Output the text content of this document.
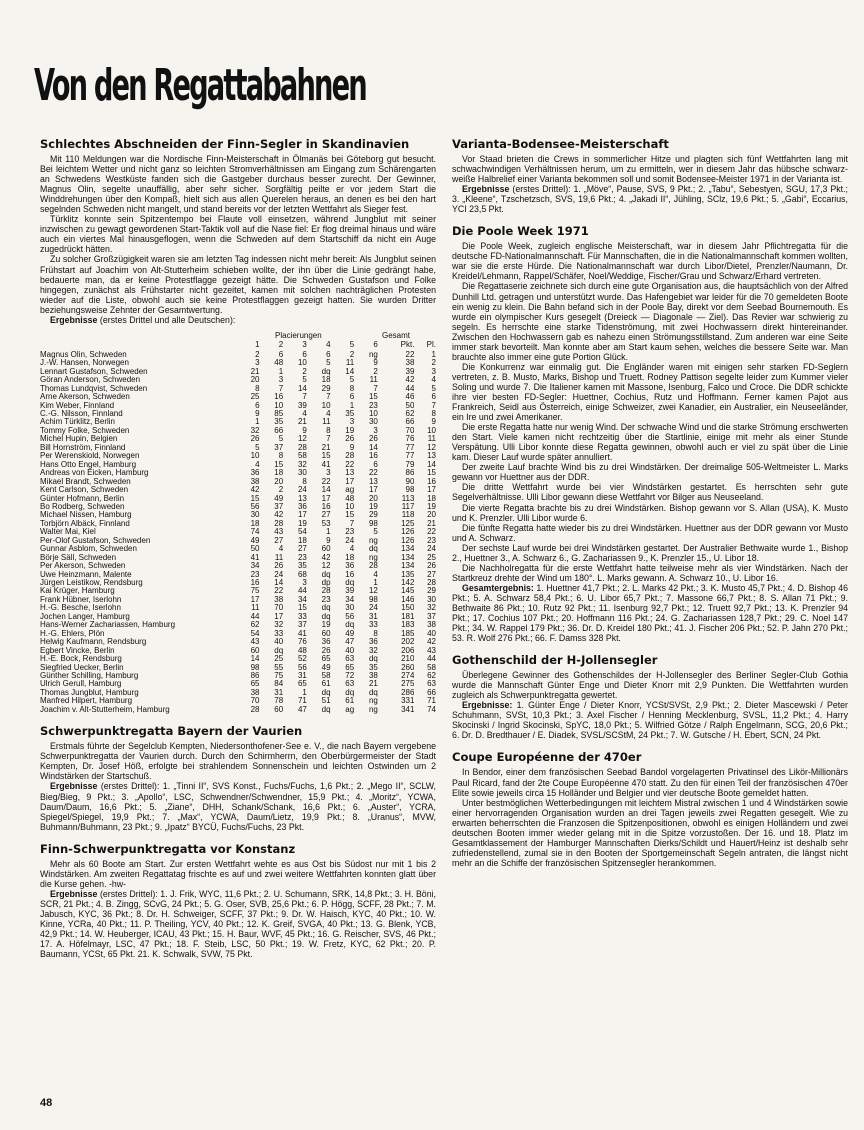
Von den Regattabahnen
Schlechtes Abschneiden der Finn-Segler in Skandinavien

Mit 110 Meldungen war die Nordische Finn-Meisterschaft in Ölmanäs bei Göteborg gut besucht. Bei leichtem Wetter und nicht ganz so leichten Stromverhältnissen am Eingang zum Schärengarten an Schwedens Westküste fanden sich die Gastgeber durchaus besser zurecht. Der Gewinner, Magnus Olin, segelte unauffällig, aber sehr sicher. Sorgfältig peilte er vor jedem Start die Winddrehungen über den Kompaß, hielt sich aus allen Querelen heraus, an denen es bei den hart segelnden Schweden nicht mangelt, und stand bereits vor der letzten Wettfahrt als Sieger fest.

Türklitz konnte sein Spitzentempo bei Flaute voll einsetzen, während Jungblut mit seiner inzwischen zu gewagt gewordenen Start-Taktik voll auf die Nase fiel: Er flog dreimal hinaus und wäre auch ein viertes Mal hinausgeflogen, wenn die Schweden auf dem Startschiff da nicht ein Auge zugedrückt hätten.

Zu solcher Großzügigkeit waren sie am letzten Tag indessen nicht mehr bereit: Als Jungblut seinen Frühstart auf Joachim von Alt-Stutterheim schieben wollte, der ihn über die Linie gedrängt habe, bedauerte man, da er keine Protestflagge gezeigt hätte. Die Schweden Gustafson und Folke hingegen, zunächst als Frühstarter nicht gezeitet, kamen mit solchen nachträglichen Protesten wieder auf die Liste, obwohl auch sie keine Protestflaggen gezeigt hatten. Sie wurden Dritter beziehungsweise Zehnter der Gesamtwertung.

Ergebnisse (erstes Drittel und alle Deutschen):

Placierungen	Gesamt
	1	2	3	4	5	6	Pkt.	Pl.
Magnus Olin, Schweden	2	6	6	6	2	ng	22	1
J.-W. Hansen, Norwegen	3	48	10	5	11	9	38	2
Lennart Gustafson, Schweden	21	1	2	dq	14	2	39	3
Göran Anderson, Schweden	20	3	5	18	5	11	42	4
Thomas Lundqvist, Schweden	8	7	14	29	8	7	44	5
Arne Akerson, Schweden	25	16	7	7	6	15	46	6
Kim Weber, Finnland	6	10	39	10	1	23	50	7
C.-G. Nilsson, Finnland	9	85	4	4	35	10	62	8
Achim Türklitz, Berlin	1	35	21	11	3	30	66	9
Tommy Folke, Schweden	32	66	9	8	19	3	70	10
Michel Hupin, Belgien	26	5	12	7	26	26	76	11
Bill Hornström, Finnland	5	37	28	21	9	14	77	12
Per Werenskiold, Norwegen	10	8	58	15	28	16	77	13
Hans Otto Engel, Hamburg	4	15	32	41	22	6	79	14
Andreas von Eicken, Hamburg	36	18	30	3	13	22	86	15
Mikael Brandt, Schweden	38	20	8	22	17	13	90	16
Kent Carlson, Schweden	42	2	24	14	ag	17	98	17
Günter Hofmann, Berlin	15	49	13	17	48	20	113	18
Bo Rodberg, Schweden	56	37	36	16	10	19	117	19
Michael Nissen, Hamburg	30	42	17	27	15	29	118	20
Torbjörn Albäck, Finnland	18	28	19	53	7	98	125	21
Walter Mai, Kiel	74	43	54	1	23	5	126	22
Per-Olof Gustafson, Schweden	49	27	18	9	24	ng	126	23
Gunnar Asblom, Schweden	50	4	27	60	4	dq	134	24
Börje Säll, Schweden	41	11	23	42	18	ng	134	25
Per Akerson, Schweden	34	26	35	12	36	28	134	26
Uwe Heinzmann, Malente	23	24	68	dq	16	4	135	27
Jürgen Leistikow, Rendsburg	16	14	3	dp	dq	1	142	28
Kai Krüger, Hamburg	75	22	44	28	39	12	145	29
Frank Hübner, Iserlohn	17	38	34	23	34	98	146	30
H.-G. Besche, Iserlohn	11	70	15	dq	30	24	150	32
Jochen Langer, Hamburg	44	17	33	dq	56	31	181	37
Hans-Werner Zachariassen, Hamburg	62	32	37	19	dq	33	183	38
H.-G. Ehlers, Plön	54	33	41	60	49	8	185	40
Helwig Kaufmann, Rendsburg	43	40	76	36	47	36	202	42
Egbert Vincke, Berlin	60	dq	48	26	40	32	206	43
H.-E. Bock, Rendsburg	14	25	52	65	63	dq	210	44
Siegfried Uecker, Berlin	98	55	56	49	65	35	260	58
Günther Schilling, Hamburg	86	75	31	58	72	38	274	62
Ulrich Gerull, Hamburg	65	84	65	61	63	21	275	63
Thomas Jungblut, Hamburg	38	31	1	dq	dq	dq	286	66
Manfred Hilpert, Hamburg	70	78	71	51	61	ng	331	71
Joachim v. Alt-Stutterheim, Hamburg	28	60	47	dq	ag	ng	341	74
Schwerpunktregatta Bayern der Vaurien

Erstmals führte der Segelclub Kempten, Niedersonthofener-See e. V., die nach Bayern vergebene Schwerpunktregatta der Vaurien durch. Durch den Schirmherrn, den Oberbürgermeister der Stadt Kempten, Dr. Josef Höß, erfolgte bei strahlendem Sonnenschein und leichten Ostwinden um 2 Windstärken der Startschuß.

Ergebnisse (erstes Drittel): 1. „Tinni II“, SVS Konst., Fuchs/Fuchs, 1,6 Pkt.; 2. „Mego II“, SCLW, Bieg/Bieg, 9 Pkt.; 3. „Apollo“, LSC, Schwendner/Schwendner, 15,9 Pkt.; 4. „Moritz“, YCWA, Daum/Daum, 16,6 Pkt.; 5. „Ziane“, DHH, Schank/Schank, 16,6 Pkt.; 6. „Auster“, YCRA, Spiegel/Spiegel, 19,9 Pkt.; 7. „Max“, YCWA, Daum/Lietz, 19,9 Pkt.; 8. „Uranus“, MVW, Buhmann/Buhmann, 23 Pkt.; 9. „Ipatz“ BYCÜ, Fuchs/Fuchs, 23 Pkt.

Finn-Schwerpunktregatta vor Konstanz

Mehr als 60 Boote am Start. Zur ersten Wettfahrt wehte es aus Ost bis Südost nur mit 1 bis 2 Windstärken. Am zweiten Regattatag frischte es auf und zwei weitere Wettfahrten konnten glatt über die Kurse gehen. -hw-

Ergebnisse (erstes Drittel): 1. J. Frik, WYC, 11,6 Pkt.; 2. U. Schumann, SRK, 14,8 Pkt.; 3. H. Böni, SCR, 21 Pkt.; 4. B. Zingg, SCvG, 24 Pkt.; 5. G. Oser, SVB, 25,6 Pkt.; 6. P. Högg, SCFF, 28 Pkt.; 7. M. Jabusch, KYC, 36 Pkt.; 8. Dr. H. Schweiger, SCFF, 37 Pkt.; 9. Dr. W. Haisch, KYC, 40 Pkt.; 10. W. Kinne, YCRa, 40 Pkt.; 11. P. Theiling, YCV, 40 Pkt.; 12. K. Greif, SVGA, 40 Pkt.; 13. G. Blenk, YCB, 42,9 Pkt.; 14. W. Heuberger, ICAU, 43 Pkt.; 15. H. Baur, WVF, 45 Pkt.; 16. G. Reischer, SVS, 46 Pkt.; 17. A. Höfelmayr, LSC, 47 Pkt.; 18. F. Steib, LSC, 50 Pkt.; 19. W. Fretz, KYC, 62 Pkt.; 20. P. Baumann, YCSt, 65 Pkt. 21. K. Schwalk, SVW, 75 Pkt.

Varianta-Bodensee-Meisterschaft

Vor Staad brieten die Crews in sommerlicher Hitze und plagten sich fünf Wettfahrten lang mit schwachwindigen Verhältnissen herum, um zu ermitteln, wer in diesem Jahr das hübsche schwarz-weiße Halbrelief einer Varianta bekommen soll und somit Bodensee-Meister 1971 in der Varianta ist.

Ergebnisse (erstes Drittel): 1. „Möve“, Pause, SVS, 9 Pkt.; 2. „Tabu“, Sebestyen, SGU, 17,3 Pkt.; 3. „Kleene“, Tzschetzsch, SVS, 19,6 Pkt.; 4. „Jakadi II“, Jühling, SClz, 19,6 Pkt.; 5. „Gabi“, Eccarius, YCI 23,5 Pkt.

Die Poole Week 1971

Die Poole Week, zugleich englische Meisterschaft, war in diesem Jahr Pflichtregatta für die deutsche FD-Nationalmannschaft. Für Mannschaften, die in die Nationalmannschaft kommen wollten, war sie die erste Hürde. Die Nationalmannschaft war durch Libor/Dietel, Prenzler/Naumann, Dr. Kreidel/Lehmann, Rappel/Schäfer, Noel/Weddige, Fischer/Grau und Schwarz/Erhard vertreten.

Die Regattaserie zeichnete sich durch eine gute Organisation aus, die hauptsächlich von der Alfred Dunhill Ltd. getragen und unterstützt wurde. Das Hafengebiet war leider für die 70 gemeldeten Boote ein wenig zu klein. Die Bahn befand sich in der Poole Bay, direkt vor dem Seebad Bournemouth. Es wurde ein olympischer Kurs gesegelt (Dreieck — Diagonale — Ziel). Das Revier war schwierig zu segeln. Es herrschte eine starke Tidenströmung, mit zwei Hochwassern direkt hintereinander. Zwischen den Hochwassern gab es nahezu einen Strömungsstillstand. Zum anderen war eine Seite immer stark bevorteilt. Man konnte aber am Start kaum sehen, welches die bessere Seite war. Man brauchte also immer eine gute Portion Glück.

Die Konkurrenz war einmalig gut. Die Engländer waren mit einigen sehr starken FD-Seglern vertreten, z. B. Musto, Marks, Bishop und Truett. Rodney Pattison segelte leider zum Kummer vieler Soling und wurde 7. Die Italiener kamen mit Massone, Isenburg, Falco und Croce. Die DDR schickte ihre vier besten FD-Segler: Huettner, Cochius, Rutz und Hoffmann. Ferner kamen Pajot aus Frankreich, Seidl aus Österreich, einige Schweizer, zwei Kanadier, ein Australier, ein Neuseeländer, ein Ire und zwei Amerikaner.

Die erste Regatta hatte nur wenig Wind. Der schwache Wind und die starke Strömung erschwerten den Start. Viele kamen nicht rechtzeitig über die Startlinie, einige mit mehr als einer Stunde Verspätung. Ulli Libor konnte diese Regatta gewinnen, obwohl auch er viel zu spät über die Linie kam. Dieser Lauf wurde später annulliert.

Der zweite Lauf brachte Wind bis zu drei Windstärken. Der dreimalige 505-Weltmeister L. Marks gewann vor Huettner aus der DDR.

Die dritte Wettfahrt wurde bei vier Windstärken gestartet. Es herrschten sehr gute Segelverhältnisse. Ulli Libor gewann diese Wettfahrt vor Bilger aus Neuseeland.

Die vierte Regatta brachte bis zu drei Windstärken. Bishop gewann vor S. Allan (USA), K. Musto und K. Prenzler. Ulli Libor wurde 6.

Die fünfte Regatta hatte wieder bis zu drei Windstärken. Huettner aus der DDR gewann vor Musto und A. Schwarz.

Der sechste Lauf wurde bei drei Windstärken gestartet. Der Australier Bethwaite wurde 1., Bishop 2., Huettner 3., A. Schwarz 6., G. Zachariassen 9., K. Prenzler 15., U. Libor 18.

Die Nachholregatta für die erste Wettfahrt hatte teilweise mehr als vier Windstärken. Nach der Startkreuz drehte der Wind um 180°. L. Marks gewann. A. Schwarz 10., U. Libor 16.

Gesamtergebnis: 1. Huettner 41,7 Pkt.; 2. L. Marks 42 Pkt.; 3. K. Musto 45,7 Pkt.; 4. D. Bishop 46 Pkt.; 5. A. Schwarz 58,4 Pkt.; 6. U. Libor 65,7 Pkt.; 7. Massone 66,7 Pkt.; 8. S. Allan 71 Pkt.; 9. Bethwaite 86 Pkt.; 10. Rutz 92 Pkt.; 11. Isenburg 92,7 Pkt.; 12. Truett 92,7 Pkt.; 13. K. Prenzler 94 Pkt.; 17. Cochius 107 Pkt.; 20. Hoffmann 116 Pkt.; 24. G. Zachariassen 128,7 Pkt.; 29. C. Noel 147 Pkt.; 34. W. Rappel 179 Pkt.; 36. Dr. D. Kreidel 180 Pkt.; 41. J. Fischer 206 Pkt.; 52. P. Jahn 270 Pkt.; 53. R. Wolf 276 Pkt.; 66. F. Damss 328 Pkt.

Gothenschild der H-Jollensegler

Überlegene Gewinner des Gothenschildes der H-Jollensegler des Berliner Segler-Club Gothia wurde die Mannschaft Günter Enge und Dieter Knorr mit 2,9 Punkten. Die Wettfahrten wurden zugleich als Schwerpunktregatta gewertet.

Ergebnisse: 1. Günter Enge / Dieter Knorr, YCSt/SVSt, 2,9 Pkt.; 2. Dieter Mascewski / Peter Schuhmann, SVSt, 10,3 Pkt.; 3. Axel Fischer / Henning Mecklenburg, SVSL, 11,2 Pkt.; 4. Harry Skocinski / Ingrid Skocinski, SpYC, 18,0 Pkt.; 5. Wilfried Götze / Ralph Engelmann, SCG, 20,6 Pkt.; 6. Dr. D. Bredthauer / E. Diadek, SVSL/SCStM, 24 Pkt.; 7. W. Gutsche / H. Ebert, SCN, 24 Pkt.

Coupe Européenne der 470er

In Bendor, einer dem französischen Seebad Bandol vorgelagerten Privatinsel des Likör-Millionärs Paul Ricard, fand der 2te Coupe Européenne 470 statt. Zu den für einen Teil der französischen 470er Elite sowie jeweils circa 15 Holländer und Belgier und vier deutsche Boote gemeldet hatten.

Unter bestmöglichen Wetterbedingungen mit leichtem Mistral zwischen 1 und 4 Windstärken sowie einer hervorragenden Organisation wurden an drei Tagen jeweils zwei Regatten gesegelt. Wie zu erwarten beherrschten die Franzosen die Spitzenpositionen, obwohl es einigen Holländern und zwei deutschen Booten immer wieder gelang mit in die Spitze vorzustoßen. Der 16. und 18. Platz im Gesamtklassement der Hamburger Mannschaften Dierks/Schildt und Hauert/Heinz ist deshalb sehr zufriedenstellend, zumal sie in den Booten der Sportgemeinschaft Segeln antraten, die längst nicht mehr an die Schiffe der französischen Spitzensegler herankommen.

48
